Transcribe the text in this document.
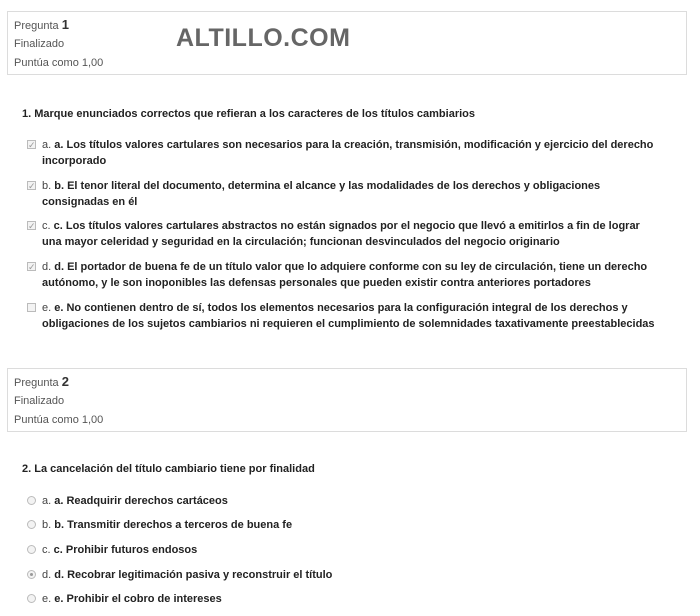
Pregunta 1
Finalizado
Puntúa como 1,00
ALTILLO.COM
1. Marque enunciados correctos que refieran a los caracteres de los títulos cambiarios
✓
a. a. Los títulos valores cartulares son necesarios para la creación, transmisión, modificación y ejercicio del derecho incorporado
✓
b. b. El tenor literal del documento, determina el alcance y las modalidades de los derechos y obligaciones consignadas en él
✓
c. c. Los títulos valores cartulares abstractos no están signados por el negocio que llevó a emitirlos a fin de lograr una mayor celeridad y seguridad en la circulación; funcionan desvinculados del negocio originario
✓
d. d. El portador de buena fe de un título valor que lo adquiere conforme con su ley de circulación, tiene un derecho autónomo, y le son inoponibles las defensas personales que pueden existir contra anteriores portadores
e. e. No contienen dentro de sí, todos los elementos necesarios para la configuración integral de los derechos y obligaciones de los sujetos cambiarios ni requieren el cumplimiento de solemnidades taxativamente preestablecidas
Pregunta 2
Finalizado
Puntúa como 1,00
2. La cancelación del título cambiario tiene por finalidad
a. a. Readquirir derechos cartáceos
b. b. Transmitir derechos a terceros de buena fe
c. c. Prohibir futuros endosos
d. d. Recobrar legitimación pasiva y reconstruir el título
e. e. Prohibir el cobro de intereses
